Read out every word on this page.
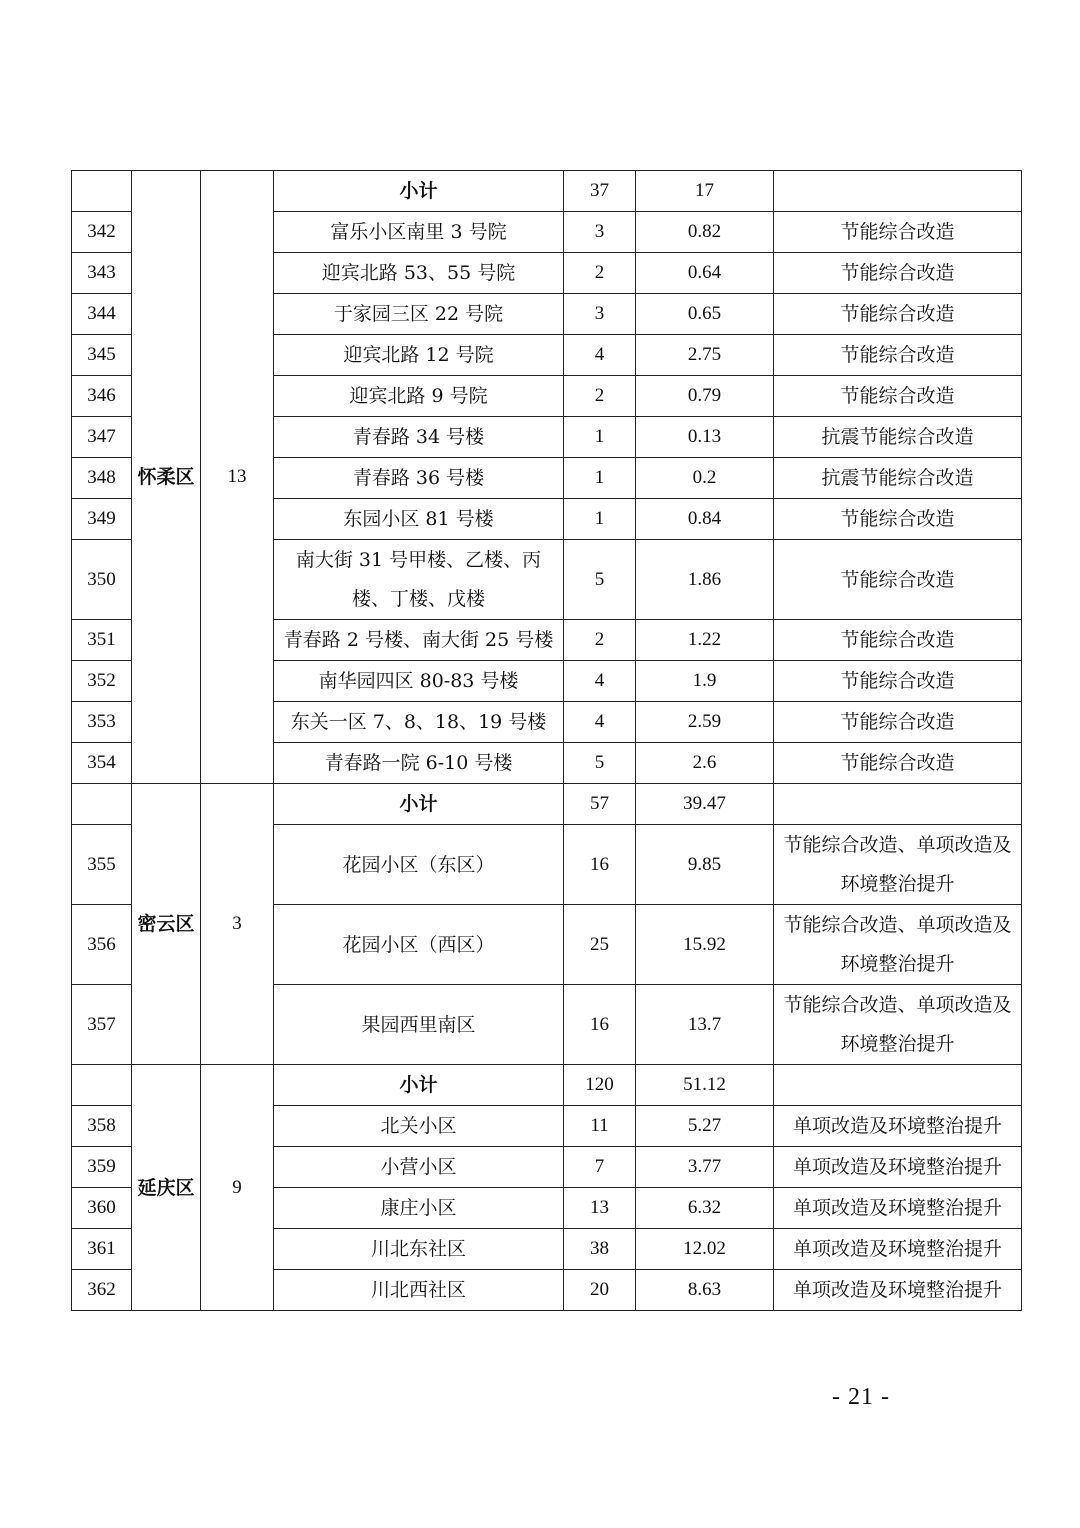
	怀柔区	13	小计	37	17	
342			富乐小区南里 3 号院	3	0.82	节能综合改造
343			迎宾北路 53、55 号院	2	0.64	节能综合改造
344			于家园三区 22 号院	3	0.65	节能综合改造
345			迎宾北路 12 号院	4	2.75	节能综合改造
346			迎宾北路 9 号院	2	0.79	节能综合改造
347			青春路 34 号楼	1	0.13	抗震节能综合改造
348			青春路 36 号楼	1	0.2	抗震节能综合改造
349			东园小区 81 号楼	1	0.84	节能综合改造
350			南大街 31 号甲楼、乙楼、丙楼、丁楼、戊楼	5	1.86	节能综合改造
351			青春路 2 号楼、南大街 25 号楼	2	1.22	节能综合改造
352			南华园四区 80-83 号楼	4	1.9	节能综合改造
353			东关一区 7、8、18、19 号楼	4	2.59	节能综合改造
354			青春路一院 6-10 号楼	5	2.6	节能综合改造
	密云区	3	小计	57	39.47	
355			花园小区（东区）	16	9.85	节能综合改造、单项改造及环境整治提升
356			花园小区（西区）	25	15.92	节能综合改造、单项改造及环境整治提升
357			果园西里南区	16	13.7	节能综合改造、单项改造及环境整治提升
	延庆区	9	小计	120	51.12	
358			北关小区	11	5.27	单项改造及环境整治提升
359			小营小区	7	3.77	单项改造及环境整治提升
360			康庄小区	13	6.32	单项改造及环境整治提升
361			川北东社区	38	12.02	单项改造及环境整治提升
362			川北西社区	20	8.63	单项改造及环境整治提升
- 21 -
